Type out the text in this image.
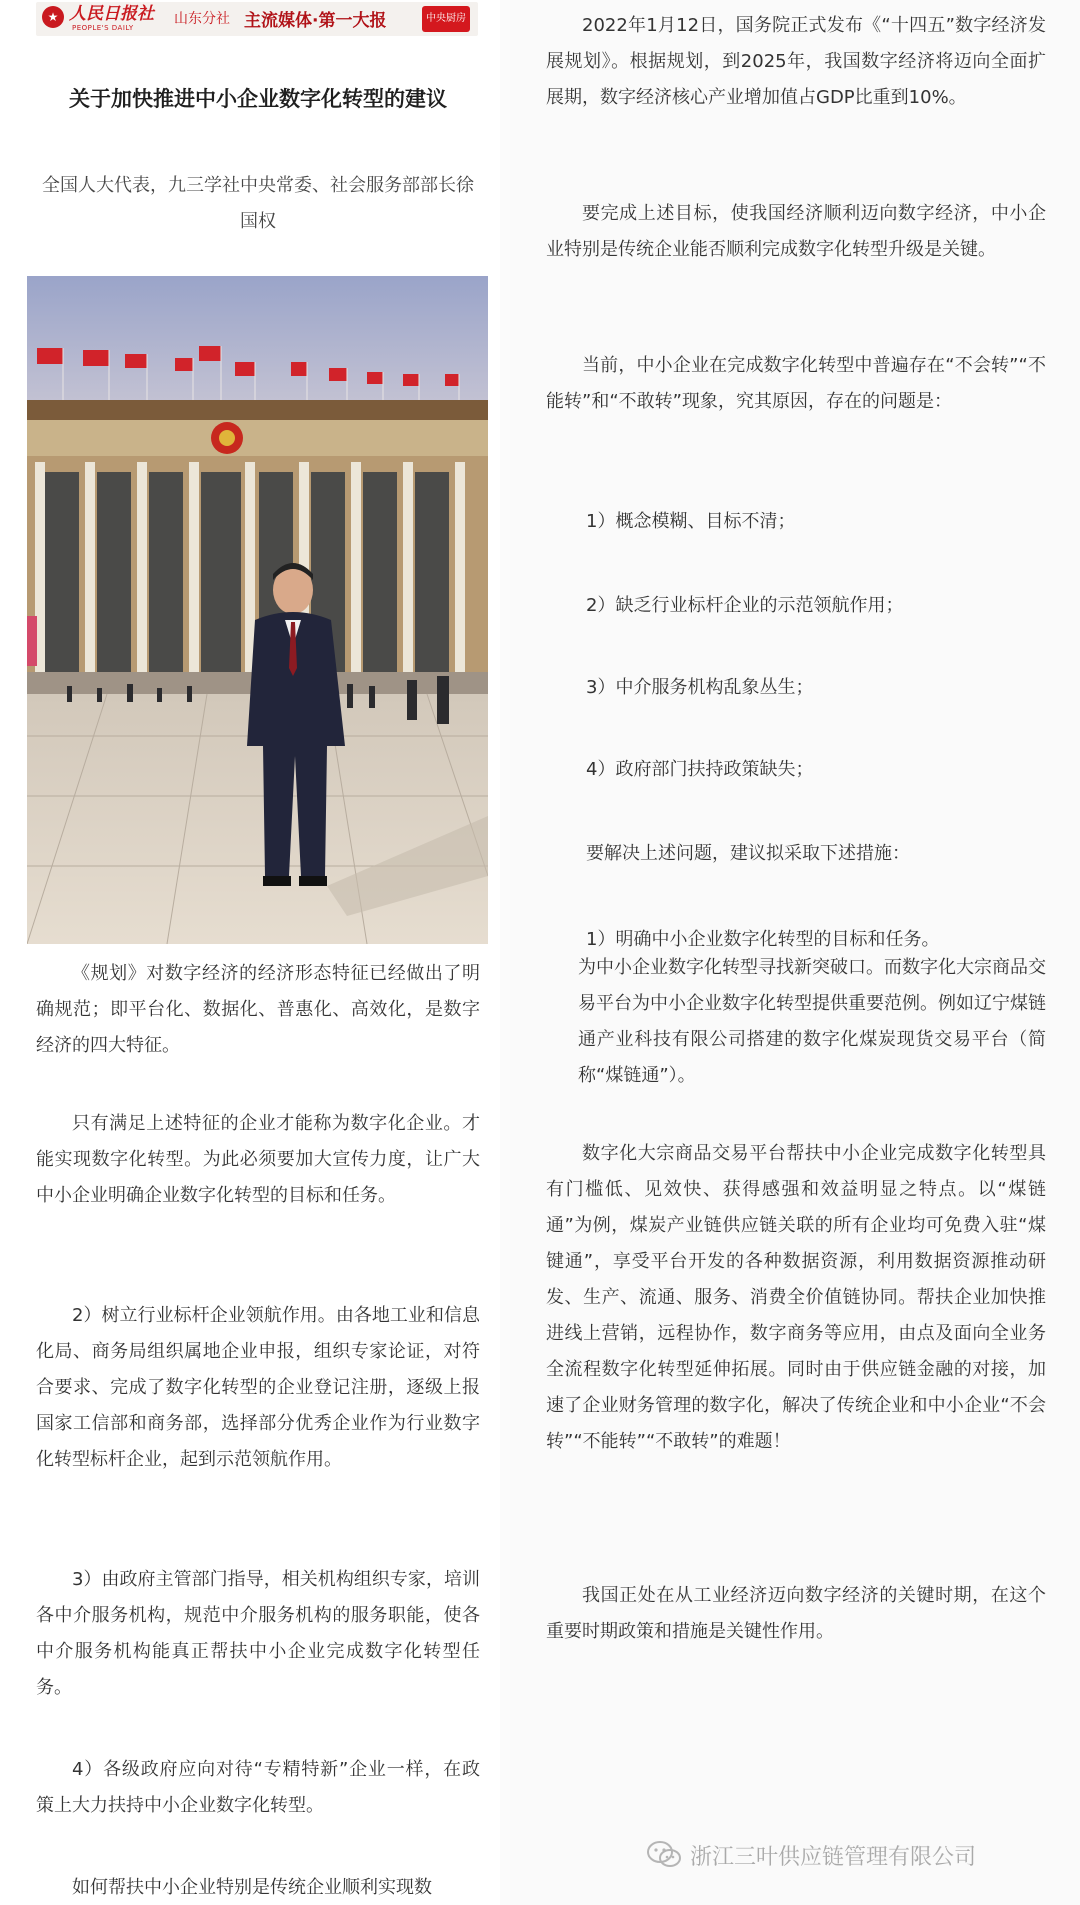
★ 人民日报社
PEOPLE'S DAILY
山东分社 主流媒体·第一大报	中央厨房
关于加快推进中小企业数字化转型的建议

全国人大代表，九三学社中央常委、社会服务部部长徐国权

《规划》对数字经济的经济形态特征已经做出了明确规范；即平台化、数据化、普惠化、高效化，是数字经济的四大特征。

只有满足上述特征的企业才能称为数字化企业。才能实现数字化转型。为此必须要加大宣传力度，让广大中小企业明确企业数字化转型的目标和任务。

2）树立行业标杆企业领航作用。由各地工业和信息化局、商务局组织属地企业申报，组织专家论证，对符合要求、完成了数字化转型的企业登记注册，逐级上报国家工信部和商务部，选择部分优秀企业作为行业数字化转型标杆企业，起到示范领航作用。

3）由政府主管部门指导，相关机构组织专家，培训各中介服务机构，规范中介服务机构的服务职能，使各中介服务机构能真正帮扶中小企业完成数字化转型任务。

4）各级政府应向对待“专精特新”企业一样，在政策上大力扶持中小企业数字化转型。

如何帮扶中小企业特别是传统企业顺利实现数

2022年1月12日，国务院正式发布《“十四五”数字经济发展规划》。根据规划，到2025年，我国数字经济将迈向全面扩展期，数字经济核心产业增加值占GDP比重到10%。

要完成上述目标，使我国经济顺利迈向数字经济，中小企业特别是传统企业能否顺利完成数字化转型升级是关键。

当前，中小企业在完成数字化转型中普遍存在“不会转”“不能转”和“不敢转”现象，究其原因，存在的问题是：

1）概念模糊、目标不清；

2）缺乏行业标杆企业的示范领航作用；

3）中介服务机构乱象丛生；

4）政府部门扶持政策缺失；

要解决上述问题，建议拟采取下述措施：

1）明确中小企业数字化转型的目标和任务。

为中小企业数字化转型寻找新突破口。而数字化大宗商品交易平台为中小企业数字化转型提供重要范例。例如辽宁煤链通产业科技有限公司搭建的数字化煤炭现货交易平台（简称“煤链通”）。

数字化大宗商品交易平台帮扶中小企业完成数字化转型具有门槛低、见效快、获得感强和效益明显之特点。以“煤链通”为例，煤炭产业链供应链关联的所有企业均可免费入驻“煤键通”，享受平台开发的各种数据资源，利用数据资源推动研发、生产、流通、服务、消费全价值链协同。帮扶企业加快推进线上营销，远程协作，数字商务等应用，由点及面向全业务全流程数字化转型延伸拓展。同时由于供应链金融的对接，加速了企业财务管理的数字化，解决了传统企业和中小企业“不会转”“不能转”“不敢转”的难题！

我国正处在从工业经济迈向数字经济的关键时期，在这个重要时期政策和措施是关键性作用。

浙江三叶供应链管理有限公司
